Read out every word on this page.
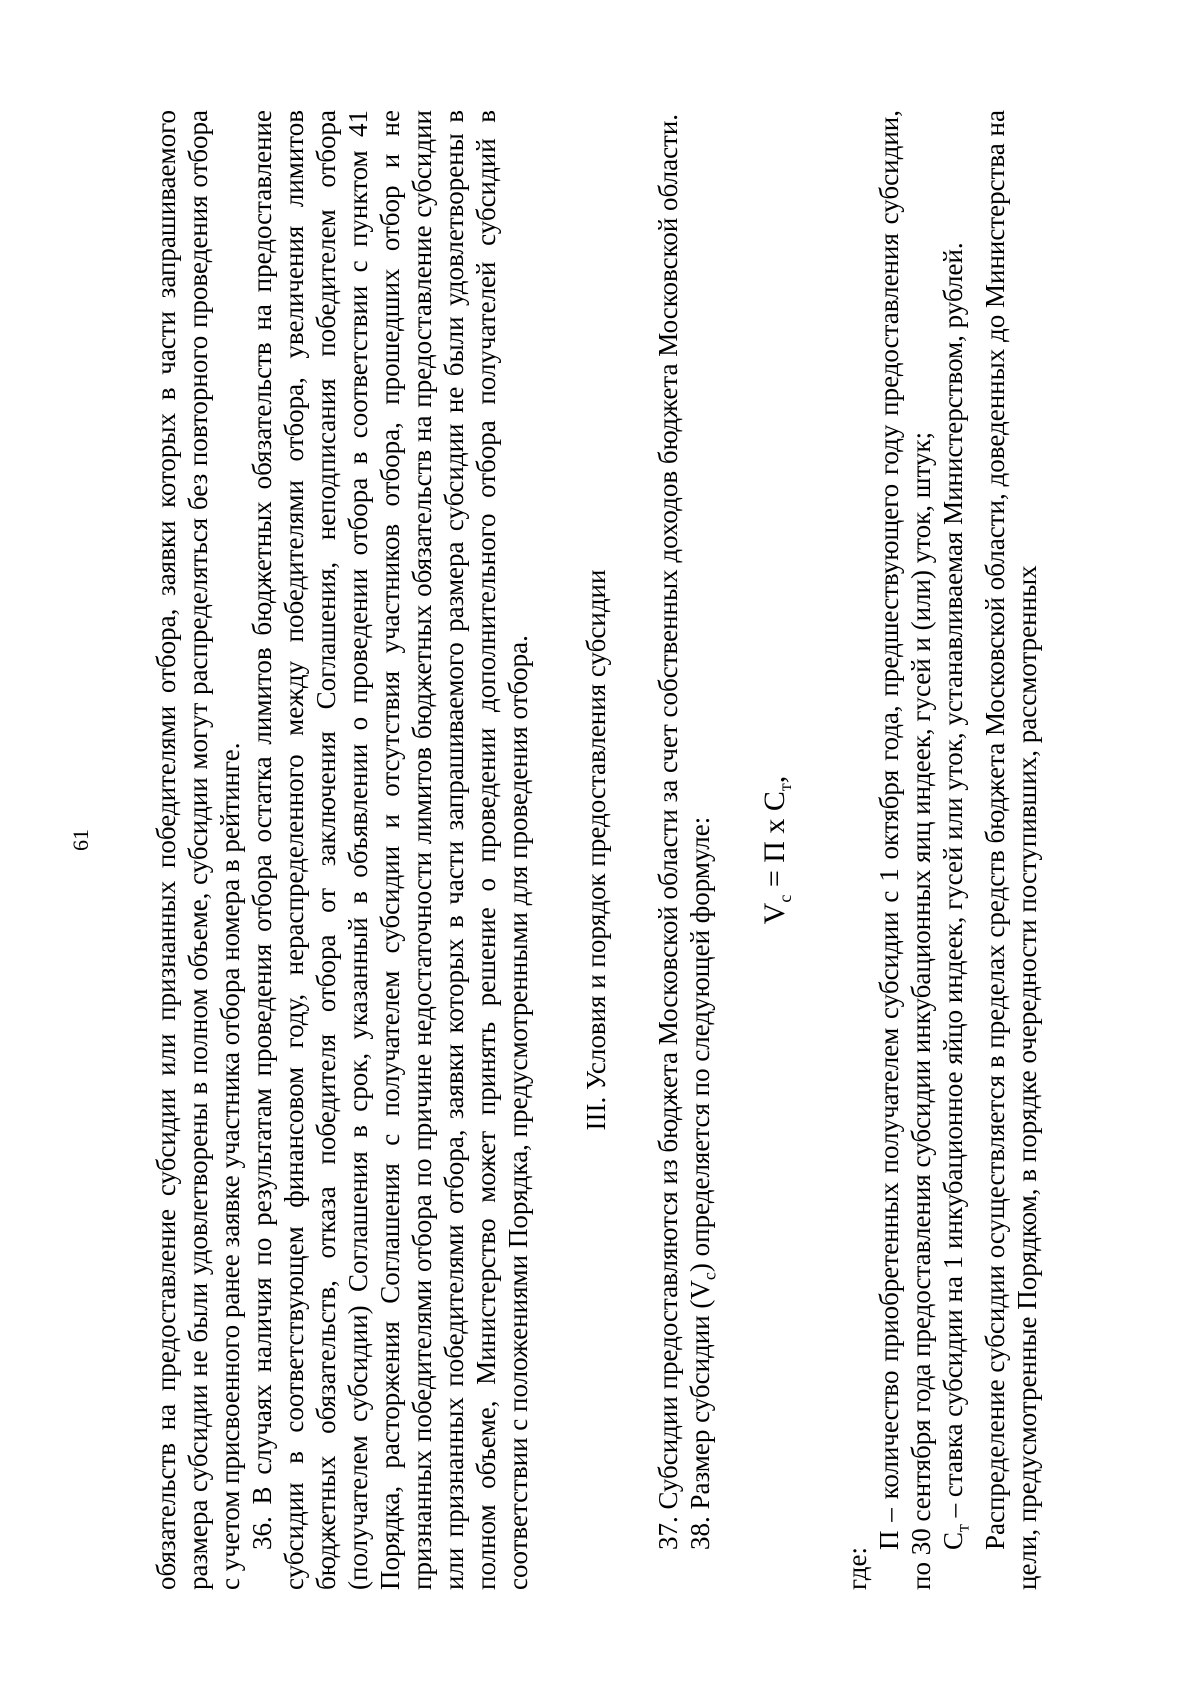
61 обязательств на предоставление субсидии или признанных победителями отбора, заявки которых в части запрашиваемого размера субсидии не были удовлетворены в полном объеме, субсидии могут распределяться без повторного проведения отбора с учетом присвоенного ранее заявке участника отбора номера в рейтинге. 36. В случаях наличия по результатам проведения отбора остатка лимитов бюджетных обязательств на предоставление субсидии в соответствующем финансовом году, нераспределенного между победителями отбора, увеличения лимитов бюджетных обязательств, отказа победителя отбора от заключения Соглашения, неподписания победителем отбора (получателем субсидии) Соглашения в срок, указанный в объявлении о проведении отбора в соответствии с пунктом 41 Порядка, расторжения Соглашения с получателем субсидии и отсутствия участников отбора, прошедших отбор и не признанных победителями отбора по причине недостаточности лимитов бюджетных обязательств на предоставление субсидии или признанных победителями отбора, заявки которых в части запрашиваемого размера субсидии не были удовлетворены в полном объеме, Министерство может принять решение о проведении дополнительного отбора получателей субсидий в соответствии с положениями Порядка, предусмотренными для проведения отбора. III. Условия и порядок предоставления субсидии 37. Субсидии предоставляются из бюджета Московской области за счет собственных доходов бюджета Московской области. 38. Размер субсидии $(V_с)$ определяется по следующей формуле:	$V_с = П$ х $С_т$,

где:

П – количество приобретенных получателем субсидии с 1 октября года, предшествующего году предоставления субсидии, по 30 сентября года предоставления субсидии инкубационных яиц индеек, гусей и (или) уток, штук; $С_т$ – ставка субсидии на 1 инкубационное яйцо индеек, гусей или уток, устанавливаемая Министерством, рублей. Распределение субсидии осуществляется в пределах средств бюджета Московской области, доведенных до Министерства на цели, предусмотренные Порядком, в порядке очередности поступивших, рассмотренных
